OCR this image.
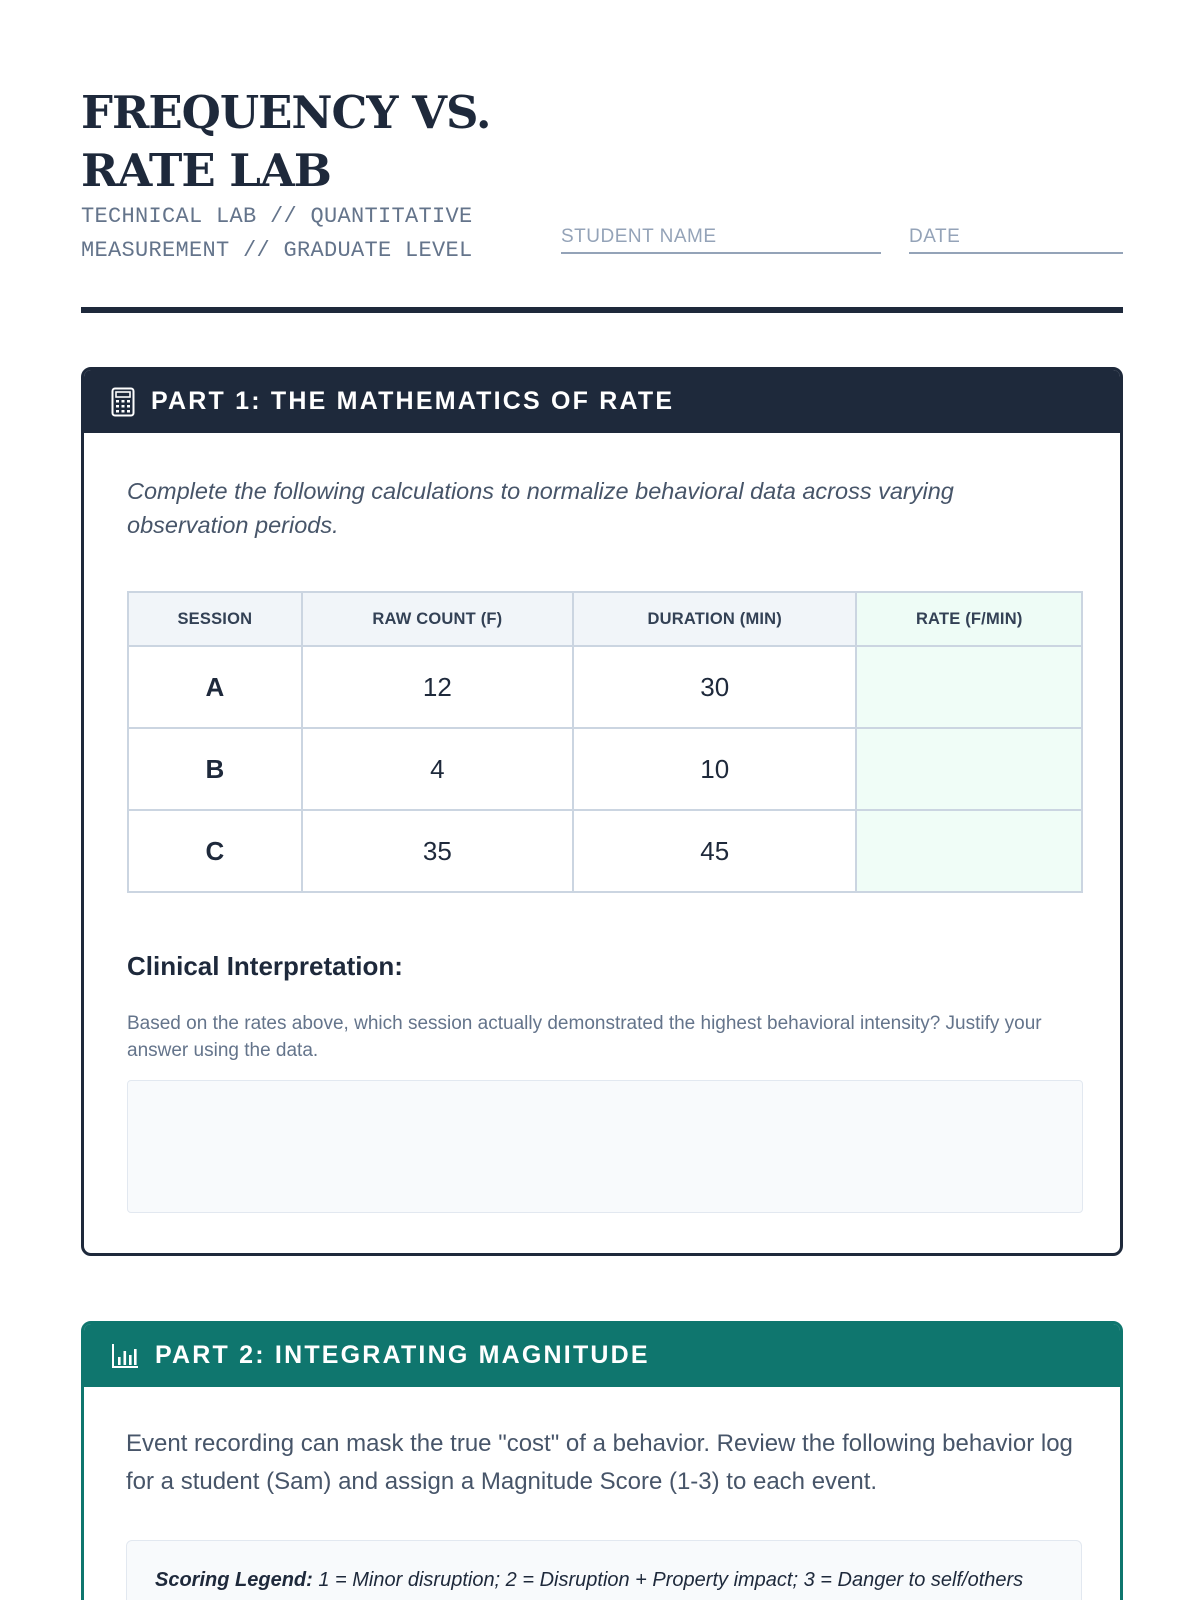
FREQUENCY VS. RATE LAB
TECHNICAL LAB // QUANTITATIVE MEASUREMENT // GRADUATE LEVEL
STUDENT NAME	DATE
PART 1: THE MATHEMATICS OF RATE

Complete the following calculations to normalize behavioral data across varying observation periods.

SESSION	RAW COUNT (F)	DURATION (MIN)	RATE (F/MIN)
A	12	30	
B	4	10	
C	35	45	
Clinical Interpretation:

Based on the rates above, which session actually demonstrated the highest behavioral intensity? Justify your answer using the data.

PART 2: INTEGRATING MAGNITUDE

Event recording can mask the true "cost" of a behavior. Review the following behavior log for a student (Sam) and assign a Magnitude Score (1-3) to each event.

Scoring Legend: 1 = Minor disruption; 2 = Disruption + Property impact; 3 = Danger to self/others
